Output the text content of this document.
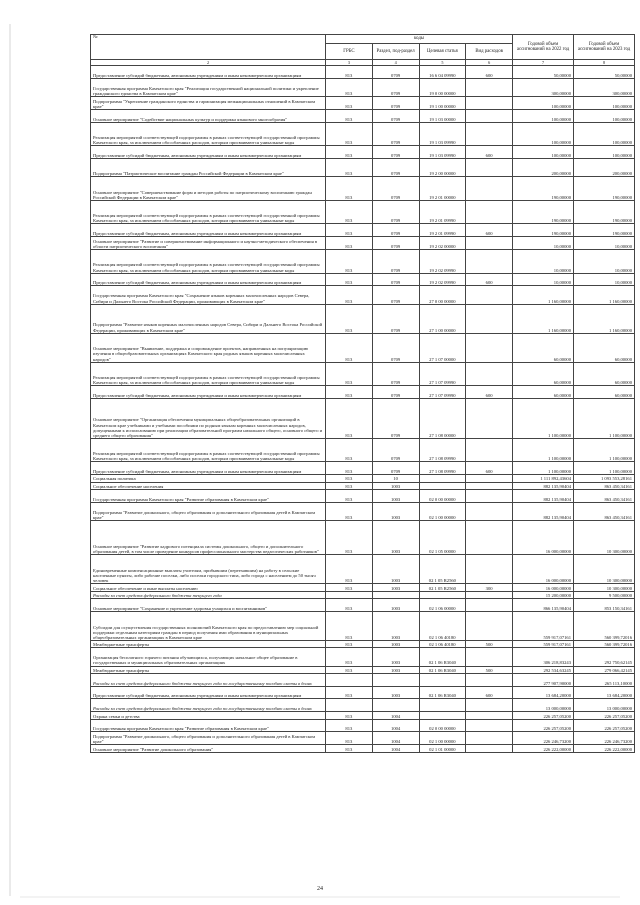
№	коды				Годовой объем ассигнований на 2022 год	Годовой объем ассигнований на 2023 год
	ГРБС	Раздел, под-раздел	Целевая статья	Вид расходов		
2	3	4	5	6	7	8
Предоставление субсидий бюджетным, автономным учреждениям и иным некоммерческим организациям	813	0709	16 6 04 09990	600	50,00000	50,00000
Государственная программа Камчатского края "Реализация государственной национальной политики и укрепление гражданского единства в Камчатском крае"	813	0709	19 0 00 00000		300,00000	300,00000
Подпрограмма "Укрепление гражданского единства и гармонизация межнациональных отношений в Камчатском крае"	813	0709	19 1 00 00000		100,00000	100,00000
Основное мероприятие "Содействие национальных культур и поддержка языкового многообразия"	813	0709	19 1 03 00000		100,00000	100,00000
Реализация мероприятий соответствующей подпрограммы в рамках соответствующей государственной программы Камчатского края, за исключением обособленных расходов, которым присваиваются уникальные коды	813	0709	19 1 03 09990		100,00000	100,00000
Предоставление субсидий бюджетным, автономным учреждениям и иным некоммерческим организациям	813	0709	19 1 03 09990	600	100,00000	100,00000
Подпрограмма "Патриотическое воспитание граждан Российской Федерации в Камчатском крае"	813	0709	19 2 00 00000		200,00000	200,00000
Основное мероприятие "Совершенствование форм и методов работы по патриотическому воспитанию граждан Российской Федерации в Камчатском крае"	813	0709	19 2 01 00000		190,00000	190,00000
Реализация мероприятий соответствующей подпрограммы в рамках соответствующей государственной программы Камчатского края, за исключением обособленных расходов, которым присваиваются уникальные коды	813	0709	19 2 01 09990		190,00000	190,00000
Предоставление субсидий бюджетным, автономным учреждениям и иным некоммерческим организациям	813	0709	19 2 01 09990	600	190,00000	190,00000
Основное мероприятие "Развитие и совершенствование информационного и научно-методического обеспечения в области патриотического воспитания"	813	0709	19 2 02 00000		10,00000	10,00000
Реализация мероприятий соответствующей подпрограммы в рамках соответствующей государственной программы Камчатского края, за исключением обособленных расходов, которым присваиваются уникальные коды	813	0709	19 2 02 09990		10,00000	10,00000
Предоставление субсидий бюджетным, автономным учреждениям и иным некоммерческим организациям	813	0709	19 2 02 09990	600	10,00000	10,00000
Государственная программа Камчатского края "Сохранение языков коренных малочисленных народов Севера, Сибири и Дальнего Востока Российской Федерации, проживающих в Камчатском крае"	813	0709	27 0 00 00000		1 160,00000	1 160,00000
Подпрограмма "Развитие языков коренных малочисленных народов Севера, Сибири и Дальнего Востока Российской Федерации, проживающих в Камчатском крае"	813	0709	27 1 00 00000		1 160,00000	1 160,00000
Основное мероприятие "Выявление, поддержка и сопровождение проектов, направленных на популяризацию изучения в общеобразовательных организациях Камчатского края родных языков коренных малочисленных народов"	813	0709	27 1 07 00000		60,00000	60,00000
Реализация мероприятий соответствующей подпрограммы в рамках соответствующей государственной программы Камчатского края, за исключением обособленных расходов, которым присваиваются уникальные коды	813	0709	27 1 07 09990		60,00000	60,00000
Предоставление субсидий бюджетным, автономным учреждениям и иным некоммерческим организациям	813	0709	27 1 07 09990	600	60,00000	60,00000
Основное мероприятие "Организация обеспечения муниципальных общеобразовательных организаций в Камчатском крае учебниками и учебными пособиями по родным языкам коренных малочисленных народов, допущенными к использованию при реализации образовательной программ начального общего, основного общего и среднего общего образования"	813	0709	27 1 08 00000		1 100,00000	1 100,00000
Реализация мероприятий соответствующей подпрограммы в рамках соответствующей государственной программы Камчатского края, за исключением обособленных расходов, которым присваиваются уникальные коды	813	0709	27 1 08 09990		1 100,00000	1 100,00000
Предоставление субсидий бюджетным, автономным учреждениям и иным некоммерческим организациям	813	0709	27 1 08 09990	600	1 100,00000	1 100,00000
Социальная политика	813	10			1 111 892,43604	1 093 553,28161
Социальное обеспечение населения	813	1003			882 135,90404	863 450,34161
Государственная программа Камчатского края "Развитие образования в Камчатском крае"	813	1003	02 0 00 00000		882 135,90404	863 450,34161
Подпрограмма "Развитие дошкольного, общего образования и дополнительного образования детей в Камчатском крае"	813	1003	02 1 00 00000		882 135,90404	863 450,34161
Основное мероприятие "Развитие кадрового потенциала системы дошкольного, общего и дополнительного образования детей, в том числе проведение конкурсов профессионального мастерства педагогических работников"	813	1003	02 1 05 00000		16 000,00000	10 300,00000
Единовременные компенсационные выплаты учителям, прибывшим (переехавшим) на работу в сельские населенные пункты, либо рабочие поселки, либо поселки городского типа, либо города с населением до 50 тысяч человек	813	1003	02 1 05 R2560		16 000,00000	10 300,00000
Социальное обеспечение и иные выплаты населению	813	1003	02 1 05 R2560	300	16 000,00000	10 300,00000
Расходы за счет средств федерального бюджета текущего года					15 200,00000	9 500,00000
Основное мероприятие "Сохранение и укрепление здоровья учащихся и воспитанников"	813	1003	02 1 06 00000		866 135,90404	853 150,34161
Субсидии для осуществления государственных полномочий Камчатского края по предоставлению мер социальной поддержки отдельным категориям граждан в период получения ими образования в муниципальных общеобразовательных организациях в Камчатском крае	813	1003	02 1 06 40180		559 917,07161	560 399,72016
Межбюджетные трансферты	813	1003	02 1 06 40180	500	559 917,07161	560 399,72016
Организация бесплатного горячего питания обучающихся, получающих начальное общее образование в государственных и муниципальных образовательных организациях	813	1003	02 1 06 R3040		306 218,83243	292 750,62145
Межбюджетные трансферты	813	1003	02 1 06 R3040	500	292 534,63245	279 066,42145
Расходы за счет средств федерального бюджета текущего года по государственному пособию сметы в долях					277 907,90000	265 113,10000
Предоставление субсидий бюджетным, автономным учреждениям и иным некоммерческим организациям	813	1003	02 1 06 R3040	600	13 684,20000	13 684,20000
Расходы за счет средств федерального бюджета текущего года по государственному пособию сметы в долях					13 000,00000	13 000,00000
Охрана семьи и детства	813	1004			226 257,05200	226 257,05200
Государственная программа Камчатского края "Развитие образования в Камчатском крае"	813	1004	02 0 00 00000		226 257,05200	226 257,05200
Подпрограмма "Развитие дошкольного, общего образования и дополнительного образования детей в Камчатском крае"	813	1004	02 1 00 00000		226 246,73200	226 246,73200
Основное мероприятие "Развитие дошкольного образования"	813	1004	02 1 01 00000		226 222,00000	226 222,00000
24
